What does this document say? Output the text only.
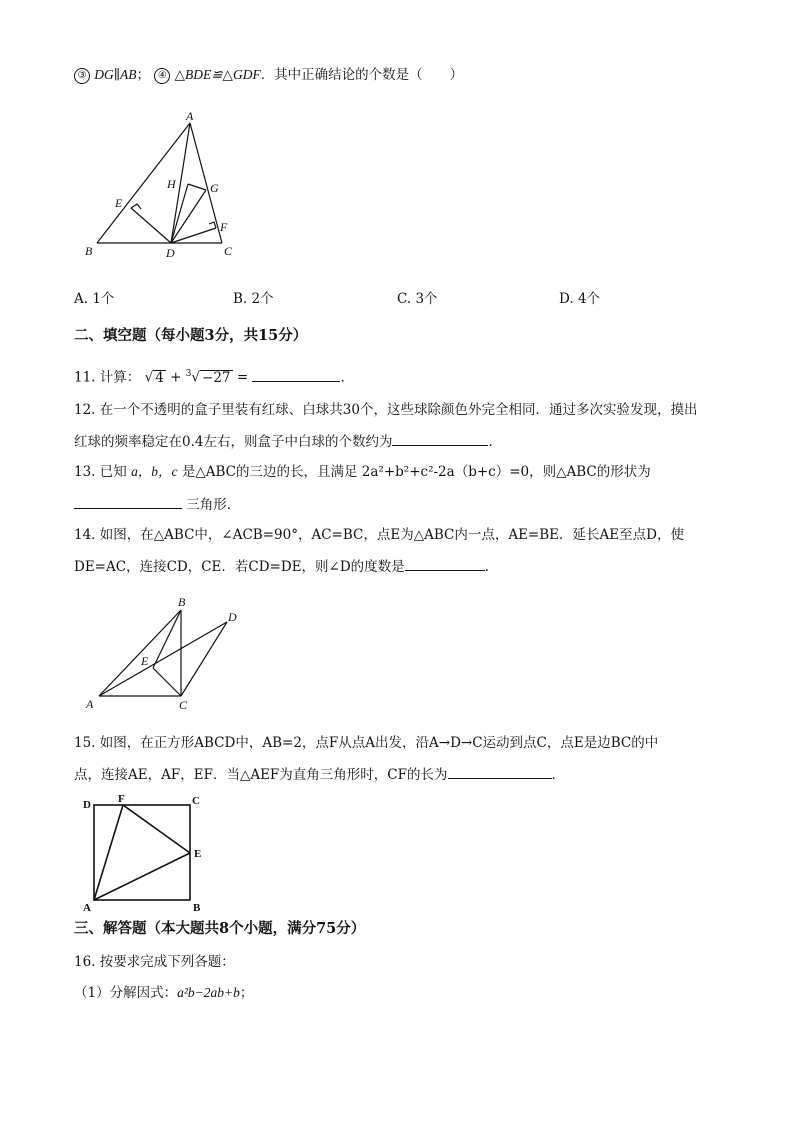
③ DG∥AB； ④ △BDE≌△GDF．其中正确结论的个数是（　　）
A
B	C
D
E
F
G
H
A. 1个	B. 2个	C. 3个	D. 4个
二、填空题（每小题3分，共15分）
11. 计算： √ 4 + $^3$√ −27 =	．
12. 在一个不透明的盒子里装有红球、白球共30个，这些球除颜色外完全相同．通过多次实验发现，摸出
红球的频率稳定在0.4左右，则盒子中白球的个数约为	．
13. 已知 a，b，c 是△ABC的三边的长，且满足 2a²+b²+c²-2a（b+c）=0，则△ABC的形状为
三角形．
14. 如图，在△ABC中，∠ACB=90°，AC=BC，点E为△ABC内一点，AE=BE．延长AE至点D，使
DE=AC，连接CD，CE．若CD=DE，则∠D的度数是	．
B
D
E
A	C
15. 如图，在正方形ABCD中，AB=2，点F从点A出发，沿A→D→C运动到点C，点E是边BC的中
点，连接AE，AF，EF．当△AEF为直角三角形时，CF的长为	．
D F	C
E
A	B
三、解答题（本大题共8个小题，满分75分）
16. 按要求完成下列各题：
（1）分解因式：a²b−2ab+b；
